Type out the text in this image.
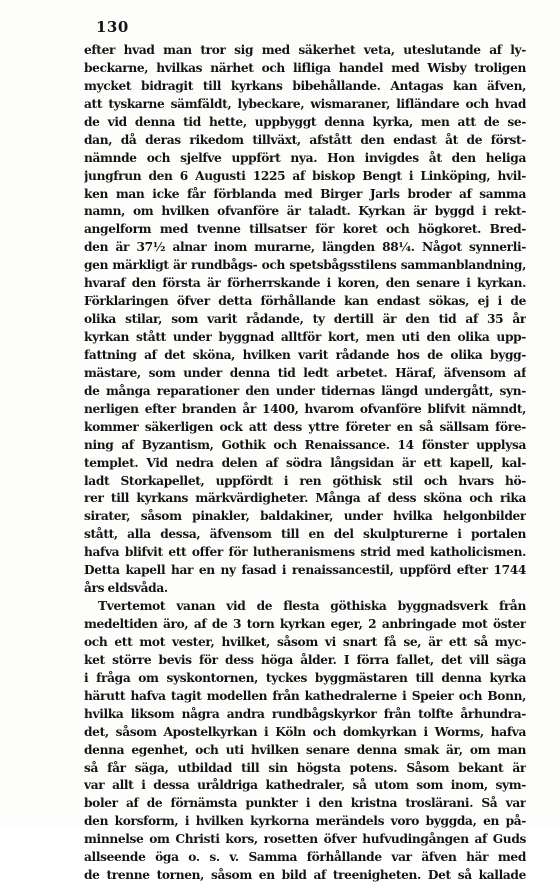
130
efter hvad man tror sig med säkerhet veta, uteslutande af ly-
beckarne, hvilkas närhet och lifliga handel med Wisby troligen
mycket bidragit till kyrkans bibehållande. Antagas kan äfven,
att tyskarne sämfäldt, lybeckare, wismaraner, lifländare och hvad
de vid denna tid hette, uppbyggt denna kyrka, men att de se-
dan, då deras rikedom tillväxt, afstått den endast åt de först-
nämnde och sjelfve uppfört nya. Hon invigdes åt den heliga
jungfrun den 6 Augusti 1225 af biskop Bengt i Linköping, hvil-
ken man icke får förblanda med Birger Jarls broder af samma
namn, om hvilken ofvanföre är taladt. Kyrkan är byggd i rekt-
angelform med tvenne tillsatser för koret och högkoret. Bred-
den är 37½ alnar inom murarne, längden 88¼. Något synnerli-
gen märkligt är rundbågs- och spetsbågsstilens sammanblandning,
hvaraf den första är förherrskande i koren, den senare i kyrkan.
Förklaringen öfver detta förhållande kan endast sökas, ej i de
olika stilar, som varit rådande, ty dertill är den tid af 35 år
kyrkan stått under byggnad alltför kort, men uti den olika upp-
fattning af det sköna, hvilken varit rådande hos de olika bygg-
mästare, som under denna tid ledt arbetet. Häraf, äfvensom af
de många reparationer den under tidernas längd undergått, syn-
nerligen efter branden år 1400, hvarom ofvanföre blifvit nämndt,
kommer säkerligen ock att dess yttre företer en så sällsam före-
ning af Byzantism, Gothik och Renaissance. 14 fönster upplysa
templet. Vid nedra delen af södra långsidan är ett kapell, kal-
ladt Storkapellet, uppfördt i ren göthisk stil och hvars hö-
rer till kyrkans märkvärdigheter. Många af dess sköna och rika
sirater, såsom pinakler, baldakiner, under hvilka helgonbilder
stått, alla dessa, äfvensom till en del skulpturerne i portalen
hafva blifvit ett offer för lutheranismens strid med katholicismen.
Detta kapell har en ny fasad i renaissancestil, uppförd efter 1744
års eldsvåda.
Tvertemot vanan vid de flesta göthiska byggnadsverk från
medeltiden äro, af de 3 torn kyrkan eger, 2 anbringade mot öster
och ett mot vester, hvilket, såsom vi snart få se, är ett så myc-
ket större bevis för dess höga ålder. I förra fallet, det vill säga
i fråga om syskontornen, tyckes byggmästaren till denna kyrka
härutt hafva tagit modellen från kathedralerne i Speier och Bonn,
hvilka liksom några andra rundbågskyrkor från tolfte århundra-
det, såsom Apostelkyrkan i Köln och domkyrkan i Worms, hafva
denna egenhet, och uti hvilken senare denna smak är, om man
så får säga, utbildad till sin högsta potens. Såsom bekant är
var allt i dessa uråldriga kathedraler, så utom som inom, sym-
boler af de förnämsta punkter i den kristna troslärani. Så var
den korsform, i hvilken kyrkorna merändels voro byggda, en på-
minnelse om Christi kors, rosetten öfver hufvudingången af Guds
allseende öga o. s. v. Samma förhållande var äfven här med
de trenne tornen, såsom en bild af treenigheten. Det så kallade
